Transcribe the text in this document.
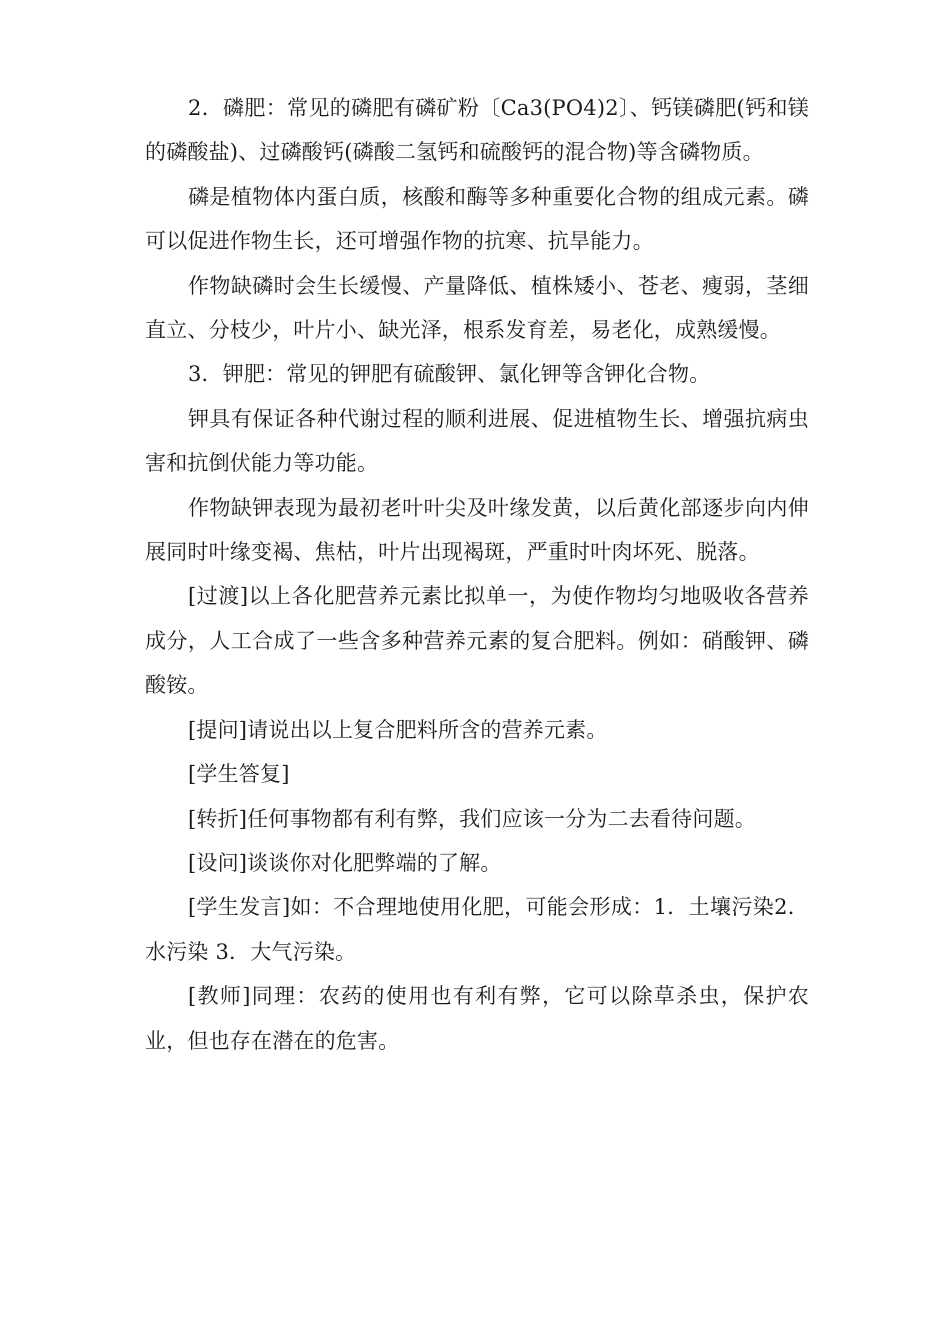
2．磷肥：常见的磷肥有磷矿粉〔Ca3(PO4)2〕、钙镁磷肥(钙和镁的磷酸盐)、过磷酸钙(磷酸二氢钙和硫酸钙的混合物)等含磷物质。

磷是植物体内蛋白质，核酸和酶等多种重要化合物的组成元素。磷可以促进作物生长，还可增强作物的抗寒、抗旱能力。

作物缺磷时会生长缓慢、产量降低、植株矮小、苍老、瘦弱，茎细直立、分枝少，叶片小、缺光泽，根系发育差，易老化，成熟缓慢。

3．钾肥：常见的钾肥有硫酸钾、氯化钾等含钾化合物。

钾具有保证各种代谢过程的顺利进展、促进植物生长、增强抗病虫害和抗倒伏能力等功能。

作物缺钾表现为最初老叶叶尖及叶缘发黄，以后黄化部逐步向内伸展同时叶缘变褐、焦枯，叶片出现褐斑，严重时叶肉坏死、脱落。

[过渡]以上各化肥营养元素比拟单一，为使作物均匀地吸收各营养成分，人工合成了一些含多种营养元素的复合肥料。例如：硝酸钾、磷酸铵。

[提问]请说出以上复合肥料所含的营养元素。

[学生答复]

[转折]任何事物都有利有弊，我们应该一分为二去看待问题。

[设问]谈谈你对化肥弊端的了解。

[学生发言]如：不合理地使用化肥，可能会形成：1．土壤污染2．水污染 3．大气污染。

[教师]同理：农药的使用也有利有弊，它可以除草杀虫，保护农业，但也存在潜在的危害。
